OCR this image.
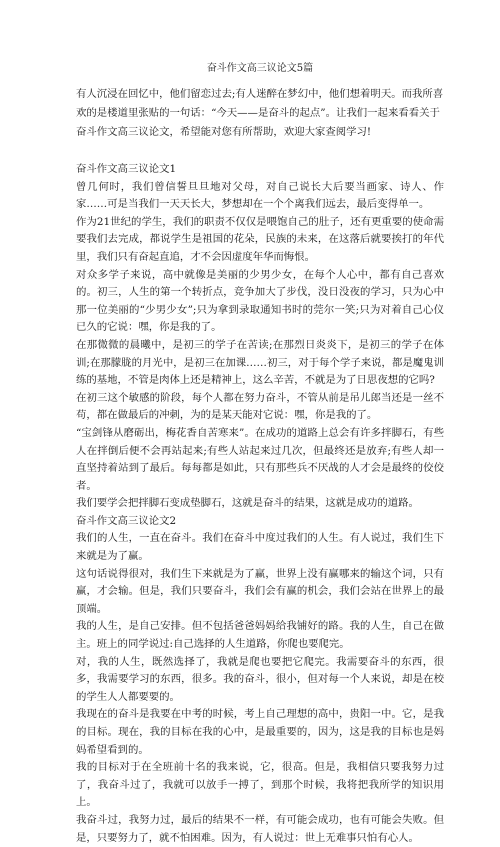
奋斗作文高三议论文5篇
有人沉浸在回忆中，他们留恋过去;有人迷醉在梦幻中，他们想着明天。而我所喜欢的是楼道里张贴的一句话：“今天——是奋斗的起点”。让我们一起来看看关于奋斗作文高三议论文，希望能对您有所帮助，欢迎大家查阅学习!
奋斗作文高三议论文1
曾几何时，我们曾信誓旦旦地对父母，对自己说长大后要当画家、诗人、作家……可是当我们一天天长大，梦想却在一个个离我们远去，最后变得单一。
作为21世纪的学生，我们的职责不仅仅是喂饱自己的肚子，还有更重要的使命需要我们去完成，都说学生是祖国的花朵，民族的未来，在这落后就要挨打的年代里，我们只有奋起直追，才不会因虚度年华而悔恨。
对众多学子来说，高中就像是美丽的少男少女，在每个人心中，都有自己喜欢的。初三，人生的第一个转折点，竞争加大了步伐，没日没夜的学习，只为心中那一位美丽的“少男少女”;只为拿到录取通知书时的莞尔一笑;只为对着自己心仪已久的它说：嘿，你是我的了。
在那微微的晨曦中，是初三的学子在苦读;在那烈日炎炎下，是初三的学子在体训;在那朦胧的月光中，是初三在加课……初三，对于每个学子来说，都是魔鬼训练的基地，不管是肉体上还是精神上，这么辛苦，不就是为了日思夜想的它吗?
在初三这个敏感的阶段，每个人都在努力奋斗，不管从前是吊儿郎当还是一丝不苟，都在做最后的冲刺，为的是某天能对它说：嘿，你是我的了。
“宝剑锋从磨砺出，梅花香自苦寒来”。在成功的道路上总会有许多拌脚石，有些人在拌倒后便不会再站起来;有些人站起来过几次，但最终还是放弃;有些人却一直坚持着站到了最后。每每都是如此，只有那些兵不厌战的人才会是最终的佼佼者。
我们要学会把拌脚石变成垫脚石，这就是奋斗的结果，这就是成功的道路。
奋斗作文高三议论文2
我们的人生，一直在奋斗。我们在奋斗中度过我们的人生。有人说过，我们生下来就是为了赢。
这句话说得很对，我们生下来就是为了赢，世界上没有赢哪来的输这个词，只有赢，才会输。但是，我们只要奋斗，我们会有赢的机会，我们会站在世界上的最顶端。
我的人生，是自己安排。但不包括爸爸妈妈给我铺好的路。我的人生，自己在做主。班上的同学说过:自己选择的人生道路，你爬也要爬完。
对，我的人生，既然选择了，我就是爬也要把它爬完。我需要奋斗的东西，很多，我需要学习的东西，很多。我的奋斗，很小，但对每一个人来说，却是在校的学生人人都要要的。
我现在的奋斗是我要在中考的时候，考上自己理想的高中，贵阳一中。它，是我的目标。现在，我的目标在我的心中，是最重要的，因为，这是我的目标也是妈妈希望看到的。
我的目标对于在全班前十名的我来说，它，很高。但是，我相信只要我努力过了，我奋斗过了，我就可以放手一搏了，到那个时候，我将把我所学的知识用上。
我奋斗过，我努力过，最后的结果不一样，有可能会成功，也有可能会失败。但是，只要努力了，就不怕困难。因为，有人说过：世上无难事只怕有心人。
